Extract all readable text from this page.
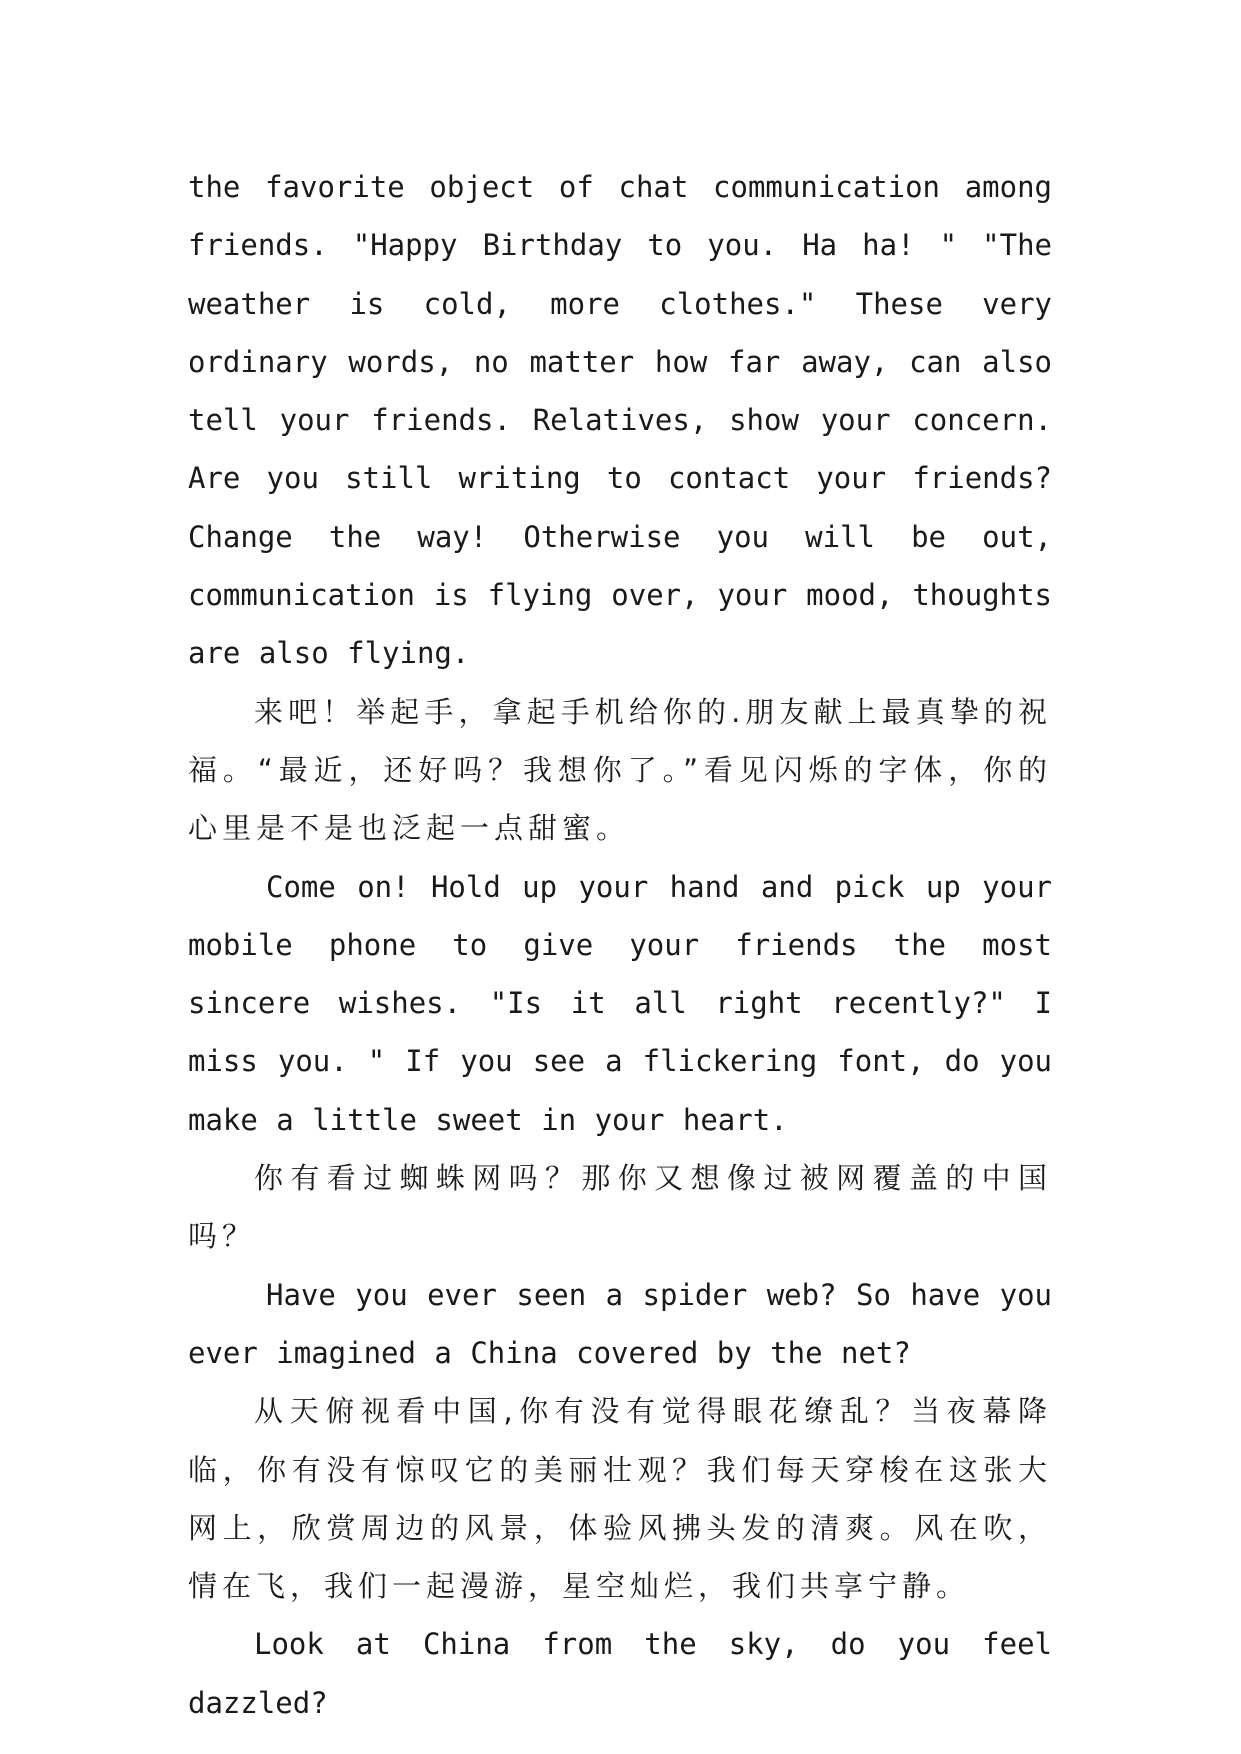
the favorite object of chat communication among friends. "Happy Birthday to you. Ha ha! " "The weather is cold, more clothes." These very ordinary words, no matter how far away, can also tell your friends. Relatives, show your concern. Are you still writing to contact your friends? Change the way! Otherwise you will be out, communication is flying over, your mood, thoughts are also flying.

来吧！举起手，拿起手机给你的.朋友献上最真挚的祝福。“最近，还好吗？我想你了。”看见闪烁的字体，你的心里是不是也泛起一点甜蜜。

Come on! Hold up your hand and pick up your mobile phone to give your friends the most sincere wishes. "Is it all right recently?" I miss you. " If you see a flickering font, do you make a little sweet in your heart.

你有看过蜘蛛网吗？那你又想像过被网覆盖的中国吗？

Have you ever seen a spider web? So have you ever imagined a China covered by the net?

从天俯视看中国,你有没有觉得眼花缭乱？当夜幕降临，你有没有惊叹它的美丽壮观？我们每天穿梭在这张大网上，欣赏周边的风景，体验风拂头发的清爽。风在吹，情在飞，我们一起漫游，星空灿烂，我们共享宁静。

Look at China from the sky, do you feel dazzled?
